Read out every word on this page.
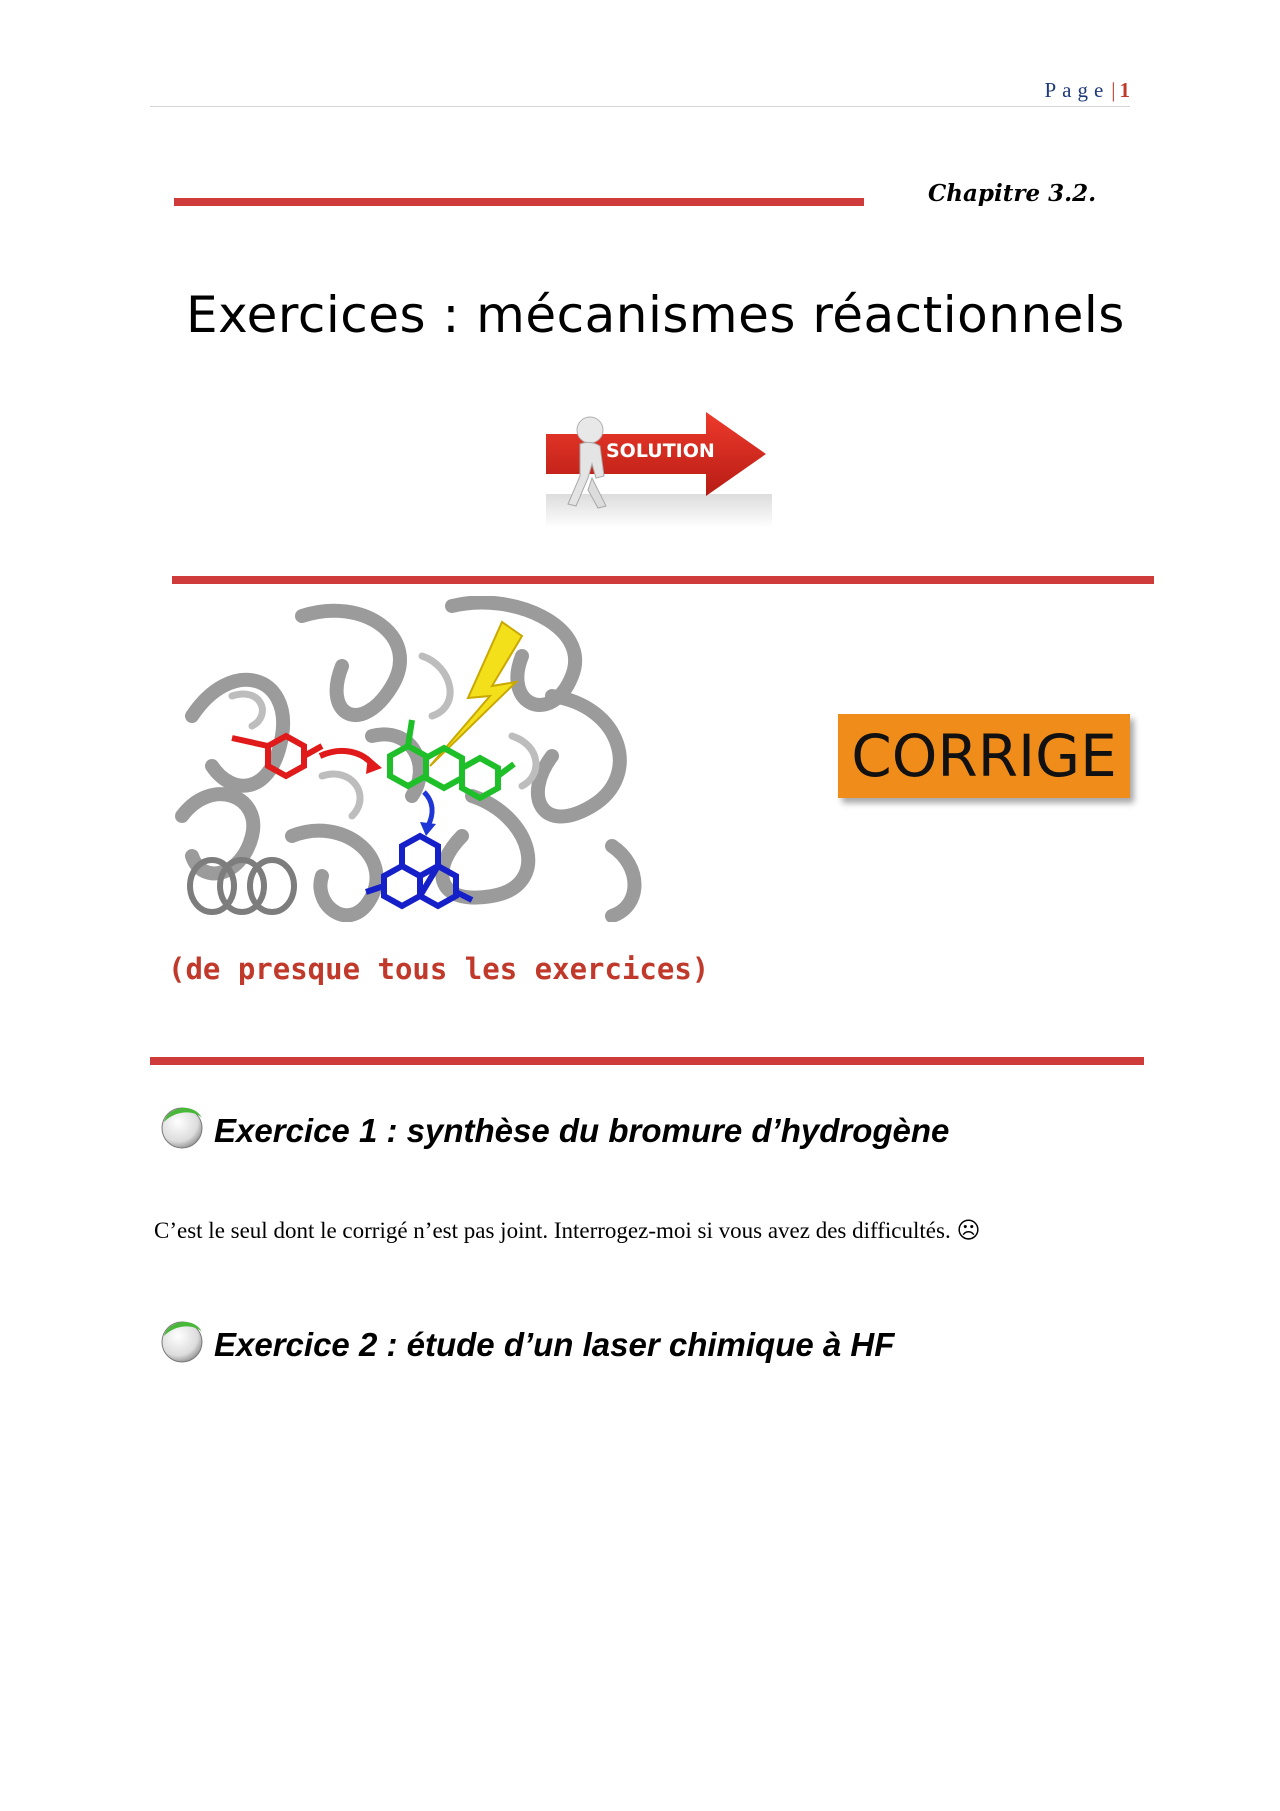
Page| 1
Chapitre 3.2.
Exercices : mécanismes réactionnels
SOLUTION
CORRIGE
(de presque tous les exercices)
Exercice 1 : synthèse du bromure d’hydrogène
C’est le seul dont le corrigé n’est pas joint. Interrogez-moi si vous avez des difficultés. ☹
Exercice 2 : étude d’un laser chimique à HF
